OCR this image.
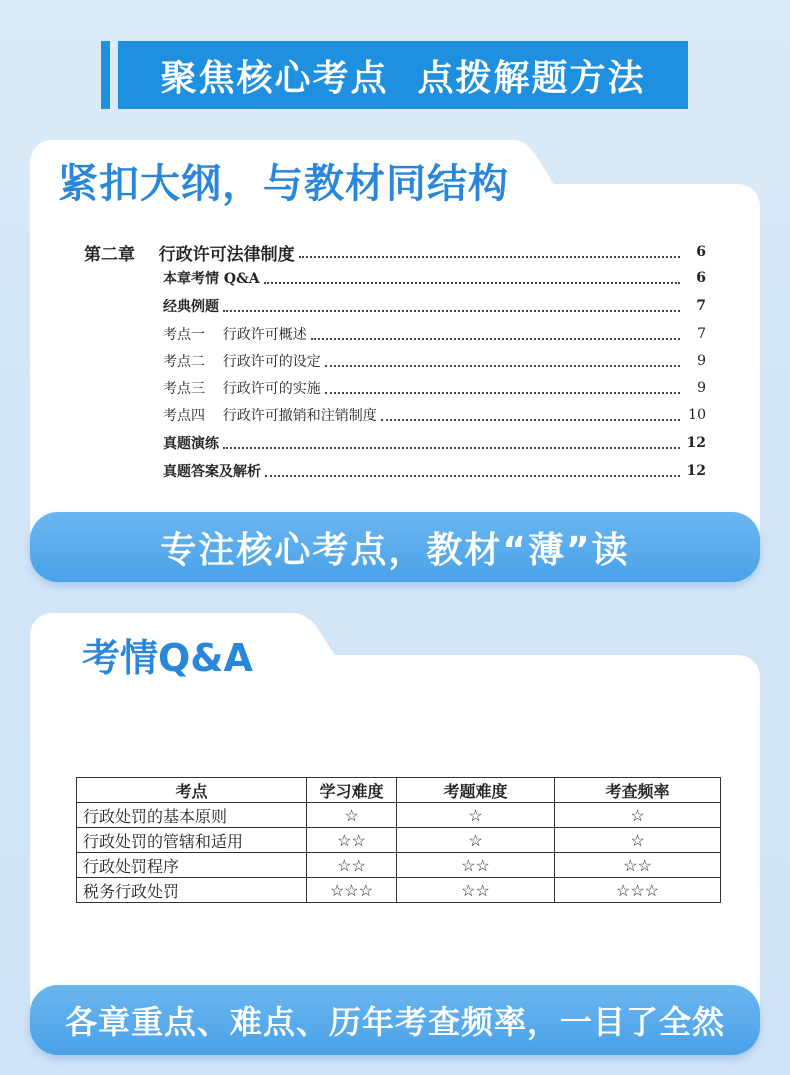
聚焦核心考点  点拨解题方法
紧扣大纲，与教材同结构
第二章    行政许可法律制度	6
本章考情 Q&A	6
经典例题	7
考点一    行政许可概述	7
考点二    行政许可的设定	9
考点三    行政许可的实施	9
考点四    行政许可撤销和注销制度	10
真题演练	12
真题答案及解析	12
专注核心考点，教材“薄”读
考情Q&A
考点	学习难度	考题难度	考查频率
行政处罚的基本原则	☆	☆	☆
行政处罚的管辖和适用	☆☆	☆	☆
行政处罚程序	☆☆	☆☆	☆☆
税务行政处罚	☆☆☆	☆☆	☆☆☆
各章重点、难点、历年考查频率，一目了全然
